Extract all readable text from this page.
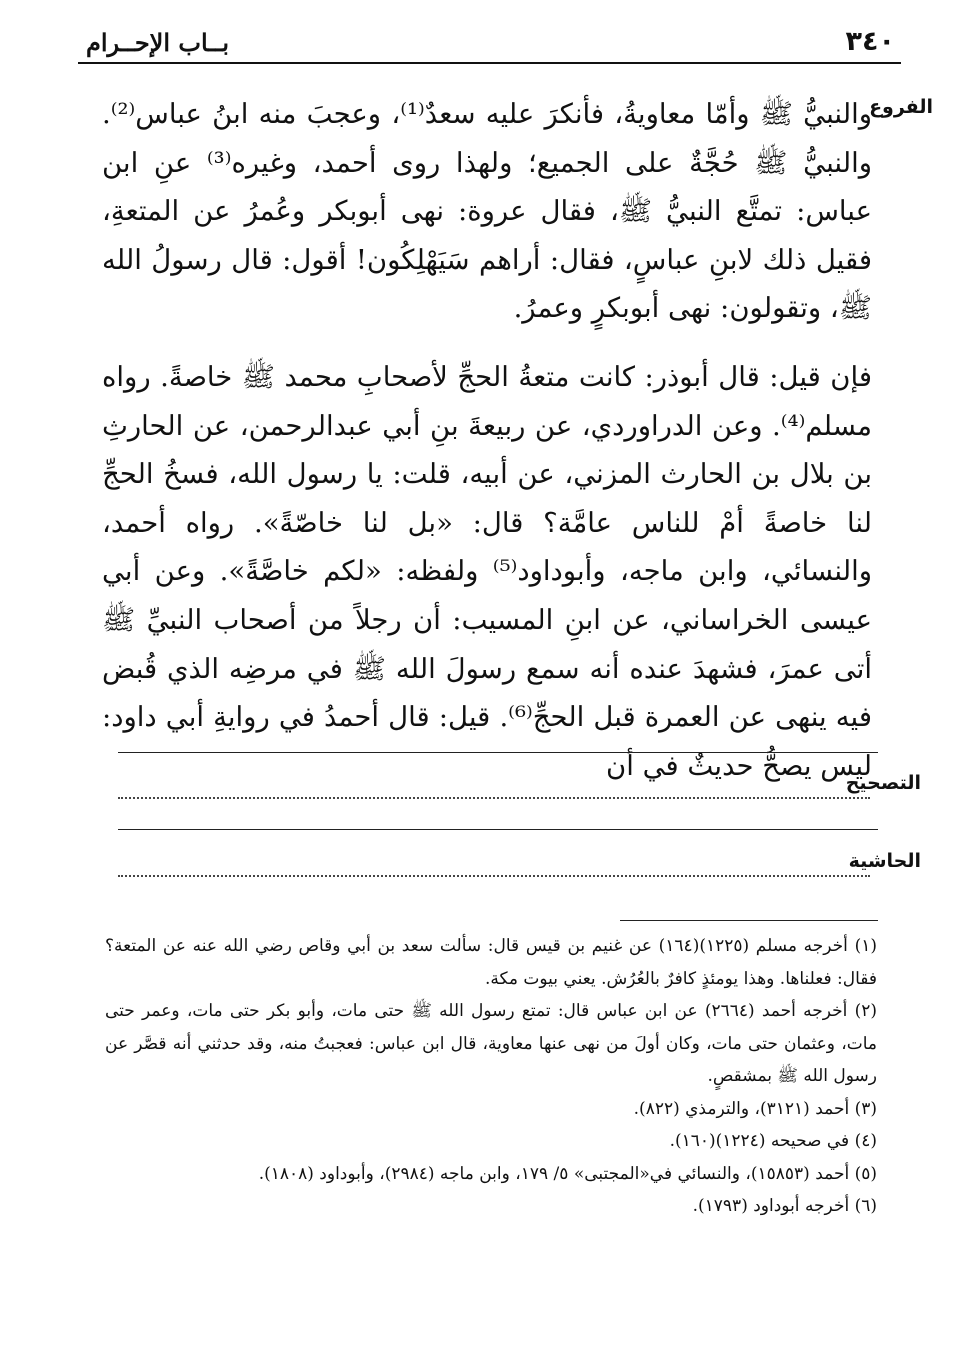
٣٤٠
بــاب الإحــرام
الفروع

والنبيُّ ﷺ وأمّا معاويةُ، فأنكرَ عليه سعدٌ⁽¹⁾، وعجبَ منه ابنُ عباس⁽²⁾. والنبيُّ ﷺ حُجَّةٌ على الجميع؛ ولهذا روى أحمد، وغيره⁽³⁾ عنِ ابن عباس: تمتَّع النبيُّ ﷺ، فقال عروة: نهى أبوبكر وعُمرُ عن المتعةِ، فقيل ذلك لابنِ عباسٍ، فقال: أراهم سَيَهْلِكُون! أقول: قال رسولُ الله ﷺ، وتقولون: نهى أبوبكرٍ وعمرُ.

فإن قيل: قال أبوذر: كانت متعةُ الحجِّ لأصحابِ محمد ﷺ خاصةً. رواه مسلم⁽⁴⁾. وعن الدراوردي، عن ربيعةَ بنِ أبي عبدالرحمن، عن الحارثِ بن بلال بن الحارث المزني، عن أبيه، قلت: يا رسول الله، فسخُ الحجِّ لنا خاصةً أمْ للناس عامَّة؟ قال: «بل لنا خاصّةً». رواه أحمد، والنسائي، وابن ماجه، وأبوداود⁽⁵⁾ ولفظه: «لكم خاصَّةً». وعن أبي عيسى الخراساني، عن ابنِ المسيب: أن رجلاً من أصحاب النبيِّ ﷺ أتى عمرَ، فشهدَ عنده أنه سمع رسولَ الله ﷺ في مرضِه الذي قُبض فيه ينهى عن العمرة قبل الحجِّ⁽⁶⁾. قيل: قال أحمدُ في روايةِ أبي داود: ليس يصحُّ حديثٌ في أن

التصحيح
الحاشية

(١) أخرجه مسلم (١٢٢٥)(١٦٤) عن غنيم بن قيس قال: سألت سعد بن أبي وقاص رضي الله عنه عن المتعة؟ فقال: فعلناها. وهذا يومئذٍ كافرٌ بالعُرُش. يعني بيوت مكة.

(٢) أخرجه أحمد (٢٦٦٤) عن ابن عباس قال: تمتع رسول الله ﷺ حتى مات، وأبو بكر حتى مات، وعمر حتى مات، وعثمان حتى مات، وكان أولَ من نهى عنها معاوية، قال ابن عباس: فعجبتُ منه، وقد حدثني أنه قصَّر عن رسول الله ﷺ بمشقصٍ.

(٣) أحمد (٣١٢١)، والترمذي (٨٢٢).

(٤) في صحيحه (١٢٢٤)(١٦٠).

(٥) أحمد (١٥٨٥٣)، والنسائي في«المجتبى» ٥/ ١٧٩، وابن ماجه (٢٩٨٤)، وأبوداود (١٨٠٨).

(٦) أخرجه أبوداود (١٧٩٣).
